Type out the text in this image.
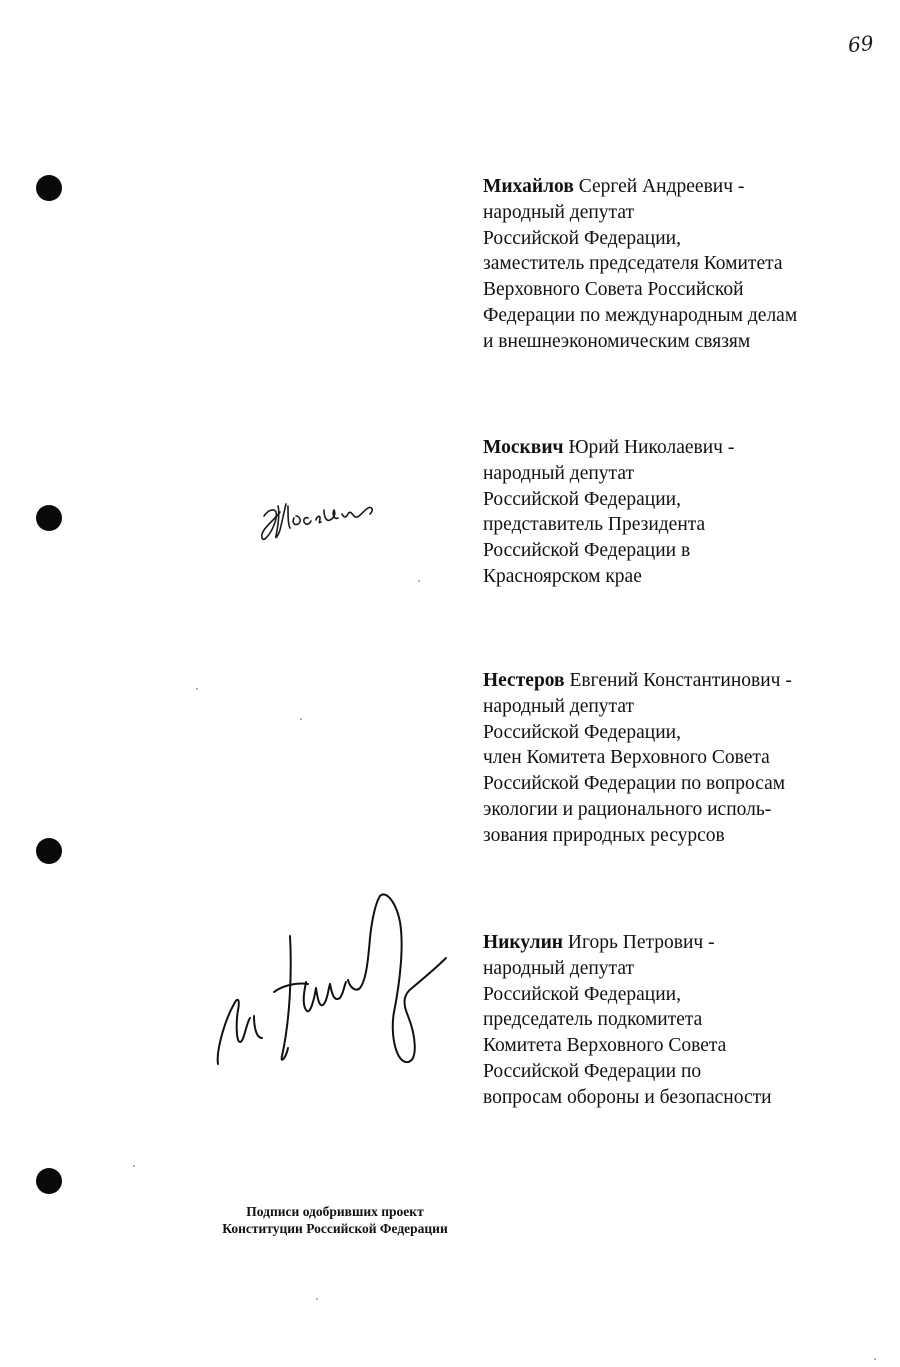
69
Михайлов Сергей Андреевич -
народный депутат
Российской Федерации,
заместитель председателя Комитета
Верховного Совета Российской
Федерации по международным делам
и внешнеэкономическим связям
Москвич Юрий Николаевич -
народный депутат
Российской Федерации,
представитель Президента
Российской Федерации в
Красноярском крае
Нестеров Евгений Константинович -
народный депутат
Российской Федерации,
член Комитета Верховного Совета
Российской Федерации по вопросам
экологии и рационального исполь-
зования природных ресурсов
Никулин Игорь Петрович -
народный депутат
Российской Федерации,
председатель подкомитета
Комитета Верховного Совета
Российской Федерации по
вопросам обороны и безопасности
Подписи одобривших проект
Конституции Российской Федерации
